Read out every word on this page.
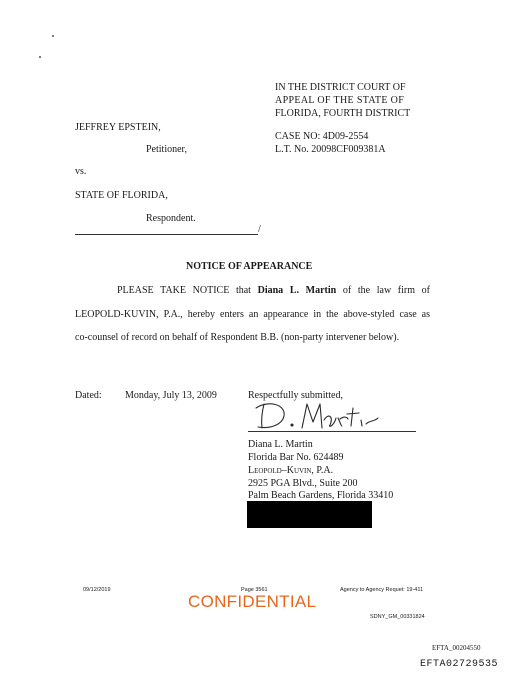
IN THE DISTRICT COURT OF
APPEAL OF THE STATE OF
FLORIDA, FOURTH DISTRICT
JEFFREY EPSTEIN,
CASE NO: 4D09-2554
Petitioner,	L.T. No. 20098CF009381A
vs.
STATE OF FLORIDA,
Respondent.
/
NOTICE OF APPEARANCE
PLEASE TAKE NOTICE that Diana L. Martin of the law firm of
LEOPOLD-KUVIN, P.A., hereby enters an appearance in the above-styled case as
co-counsel of record on behalf of Respondent B.B. (non-party intervener below).
Dated: Monday, July 13, 2009	Respectfully submitted,
Diana L. Martin
Florida Bar No. 624489
Leopold–Kuvin, P.A.
2925 PGA Blvd., Suite 200
Palm Beach Gardens, Florida 33410
09/12/2019	Page 3561	Agency to Agency Requet: 19-411
CONFIDENTIAL
SDNY_GM_00331824
EFTA_00204550
EFTA02729535
